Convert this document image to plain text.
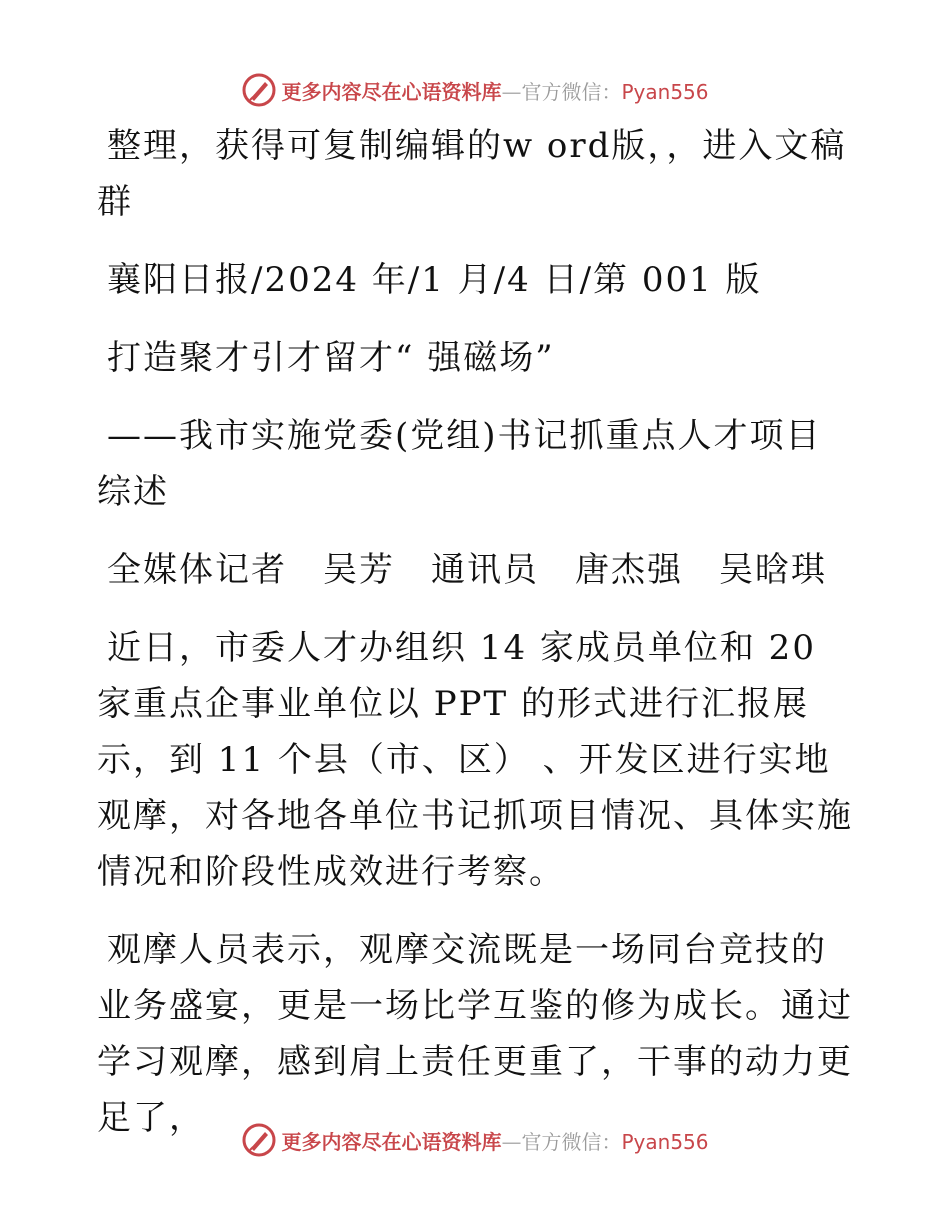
更多内容尽在心语资料库—官方微信：Pyan556

整理，获得可复制编辑的w ord版，，进入文稿群

襄阳日报/2024 年/1 月/4 日/第 001 版

打造聚才引才留才“ 强磁场”

——我市实施党委(党组)书记抓重点人才项目综述

全媒体记者　吴芳　通讯员　唐杰强　吴晗琪

近日，市委人才办组织 14 家成员单位和 20 家重点企事业单位以 PPT 的形式进行汇报展示，到 11 个县（市、区） 、开发区进行实地观摩，对各地各单位书记抓项目情况、具体实施情况和阶段性成效进行考察。

观摩人员表示，观摩交流既是一场同台竞技的业务盛宴，更是一场比学互鉴的修为成长。通过学习观摩，感到肩上责任更重了，干事的动力更足了，

更多内容尽在心语资料库—官方微信：Pyan556
